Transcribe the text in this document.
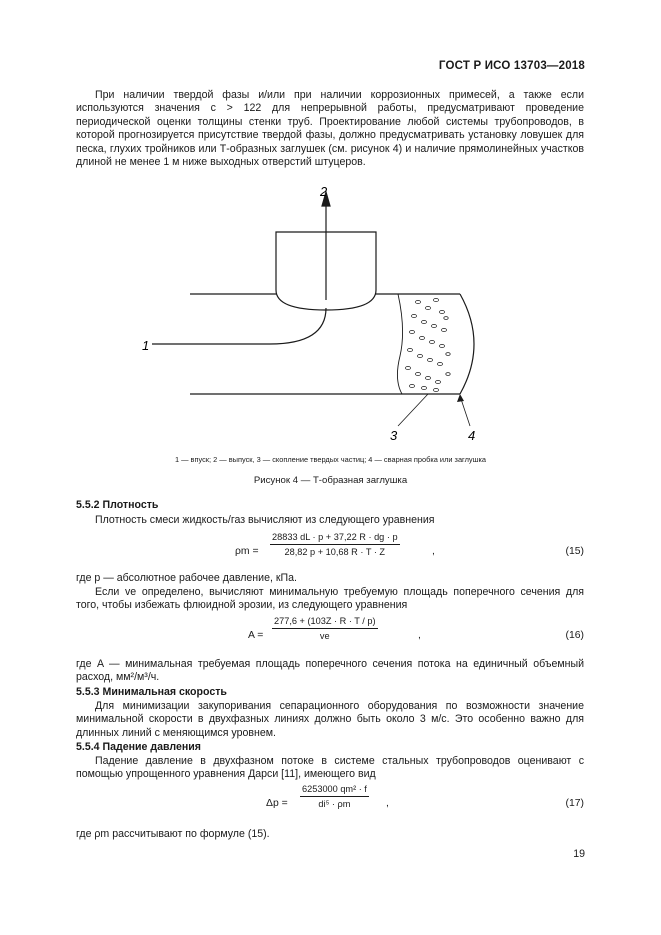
ГОСТ Р ИСО 13703—2018
При наличии твердой фазы и/или при наличии коррозионных примесей, а также если используются значения c > 122 для непрерывной работы, предусматривают проведение периодической оценки толщины стенки труб. Проектирование любой системы трубопроводов, в которой прогнозируется присутствие твердой фазы, должно предусматривать установку ловушек для песка, глухих тройников или Т-образных заглушек (см. рисунок 4) и наличие прямолинейных участков длиной не менее 1 м ниже выходных отверстий штуцеров.
1
2
3	4
1 — впуск; 2 — выпуск, 3 — скопление твердых частиц; 4 — сварная пробка или заглушка
Рисунок 4 — Т-образная заглушка
5.5.2 Плотность
Плотность смеси жидкость/газ вычисляют из следующего уравнения
$\rho m = \frac{28833 dL \cdot p + 37,22 R \cdot dg \cdot p}{28,82 p + 10,68 R \cdot T \cdot Z}$	,	(15)
где p — абсолютное рабочее давление, кПа.
Если ve определено, вычисляют минимальную требуемую площадь поперечного сечения для того, чтобы избежать флюидной эрозии, из следующего уравнения
$A = \frac{277,6 + (103Z \cdot R \cdot T / p)}{ve}$	,	(16)
где A — минимальная требуемая площадь поперечного сечения потока на единичный объемный расход, мм²/м³/ч.
5.5.3 Минимальная скорость
Для минимизации закупоривания сепарационного оборудования по возможности значение минимальной скорости в двухфазных линиях должно быть около 3 м/с. Это особенно важно для длинных линий с меняющимся уровнем.
5.5.4 Падение давления
Падение давление в двухфазном потоке в системе стальных трубопроводов оценивают с помощью упрощенного уравнения Дарси [11], имеющего вид
$\Delta p = \frac{\text{6253000 qm² · f}}{\text{di⁵ · ρm}}$ ,	(17)
где ρm рассчитывают по формуле (15).
19
